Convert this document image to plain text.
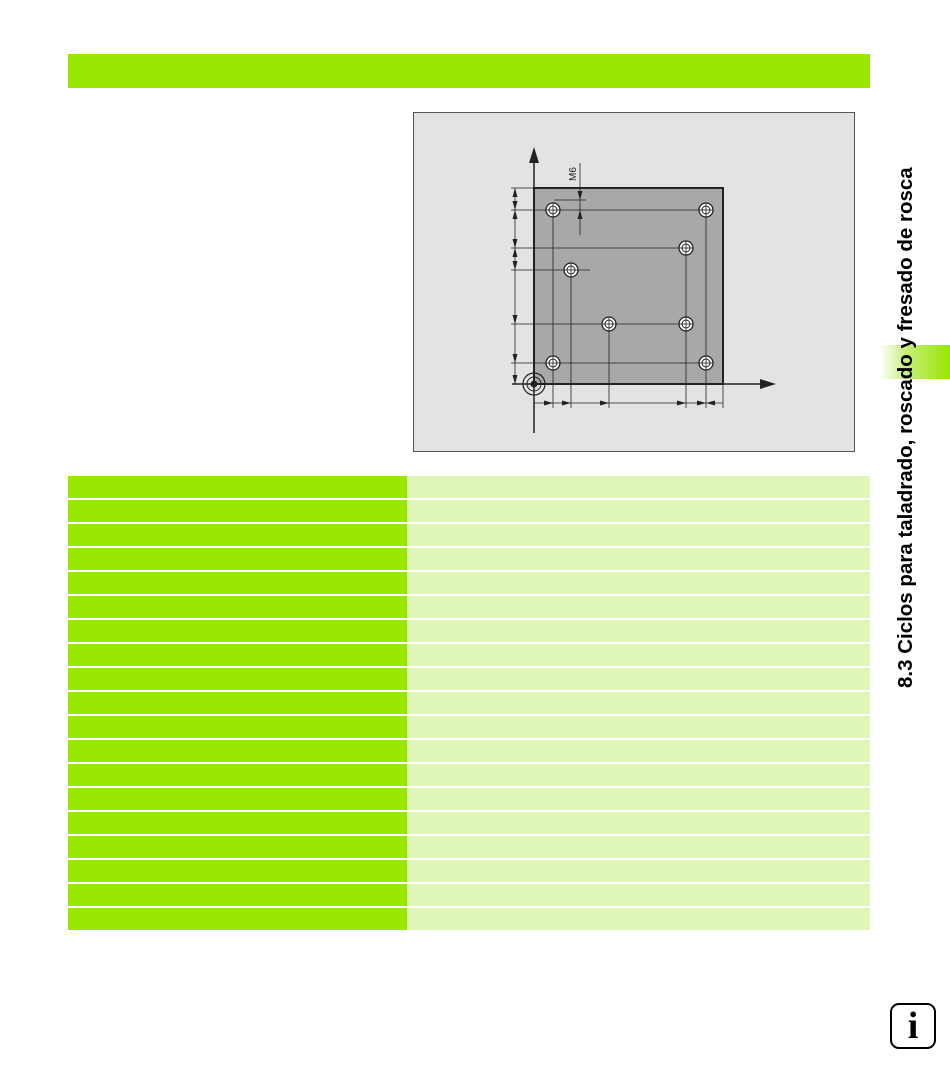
M6	8.3 Ciclos para taladrado, roscado y fresado de rosca
i
